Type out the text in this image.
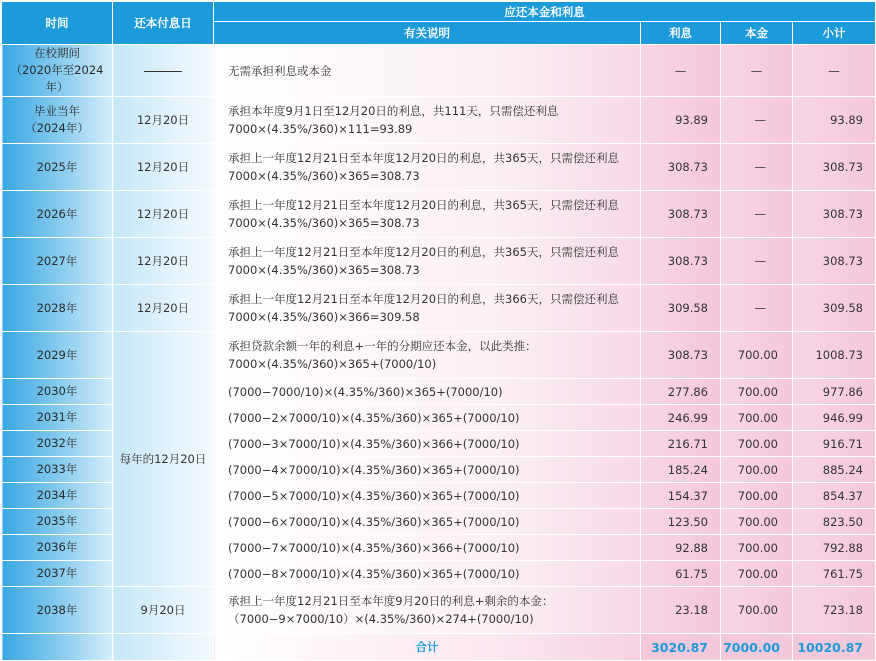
时间	还本付息日	应还本金和利息			
		有关说明	利息	本金	小计

在校期间
（2020年至2024年）		无需承担利息或本金	—	—	—

毕业当年
（2024年）	12月20日	承担本年度9月1日至12月20日的利息，共111天，只需偿还利息
7000×(4.35%/360)×111=93.89	93.89	—	93.89
2025年	12月20日	承担上一年度12月21日至本年度12月20日的利息，共365天，只需偿还利息
7000×(4.35%/360)×365=308.73	308.73	—	308.73
2026年	12月20日	承担上一年度12月21日至本年度12月20日的利息，共365天，只需偿还利息
7000×(4.35%/360)×365=308.73	308.73	—	308.73
2027年	12月20日	承担上一年度12月21日至本年度12月20日的利息，共365天，只需偿还利息
7000×(4.35%/360)×365=308.73	308.73	—	308.73
2028年	12月20日	承担上一年度12月21日至本年度12月20日的利息，共366天，只需偿还利息
7000×(4.35%/360)×366=309.58	309.58	—	309.58
2029年	每年的12月20日	承担贷款余额一年的利息+一年的分期应还本金，以此类推：
7000×(4.35%/360)×365+(7000/10)	308.73	700.00	1008.73
2030年		(7000−7000/10)×(4.35%/360)×365+(7000/10)	277.86	700.00	977.86
2031年		(7000−2×7000/10)×(4.35%/360)×365+(7000/10)	246.99	700.00	946.99
2032年		(7000−3×7000/10)×(4.35%/360)×366+(7000/10)	216.71	700.00	916.71
2033年		(7000−4×7000/10)×(4.35%/360)×365+(7000/10)	185.24	700.00	885.24
2034年		(7000−5×7000/10)×(4.35%/360)×365+(7000/10)	154.37	700.00	854.37
2035年		(7000−6×7000/10)×(4.35%/360)×365+(7000/10)	123.50	700.00	823.50
2036年		(7000−7×7000/10)×(4.35%/360)×366+(7000/10)	92.88	700.00	792.88
2037年		(7000−8×7000/10)×(4.35%/360)×365+(7000/10)	61.75	700.00	761.75
2038年	9月20日	承担上一年度12月21日至本年度9月20日的利息+剩余的本金：
（7000−9×7000/10）×(4.35%/360)×274+(7000/10)	23.18	700.00	723.18
		合计	3020.87	7000.00	10020.87
